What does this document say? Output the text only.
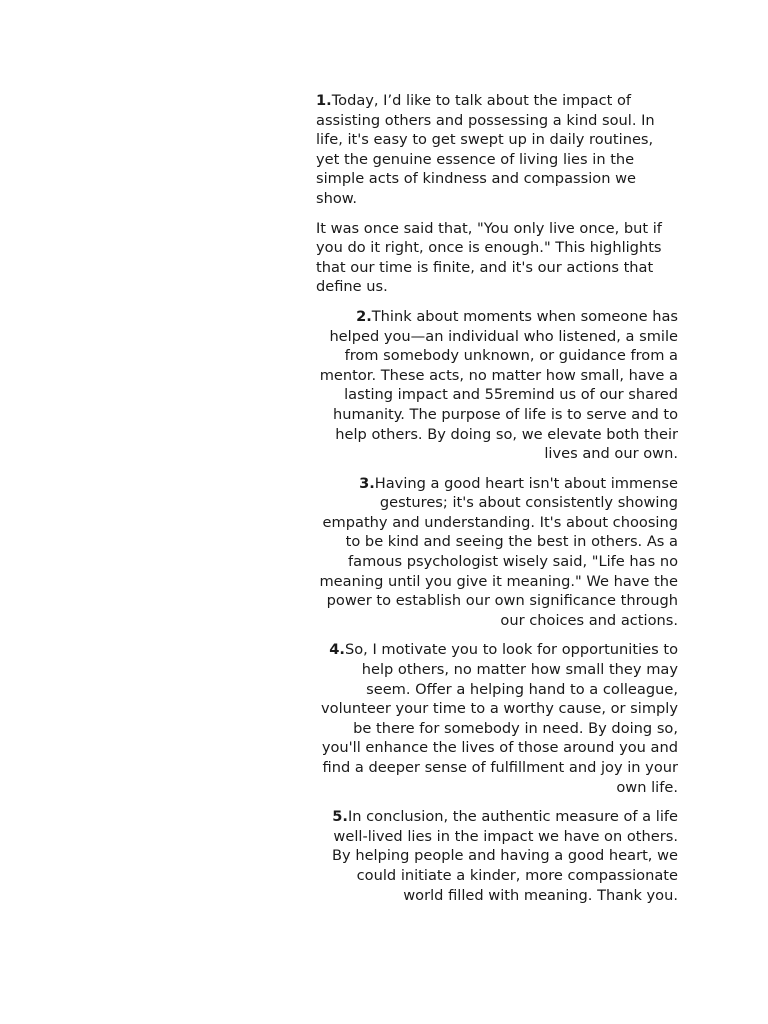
1.Today, I’d like to talk about the impact of assisting others and possessing a kind soul. In life, it's easy to get swept up in daily routines, yet the genuine essence of living lies in the simple acts of kindness and compassion we show.

It was once said that, "You only live once, but if you do it right, once is enough." This highlights that our time is finite, and it's our actions that define us.

2.Think about moments when someone has helped you—an individual who listened, a smile from somebody unknown, or guidance from a mentor. These acts, no matter how small, have a lasting impact and 55remind us of our shared humanity. The purpose of life is to serve and to help others. By doing so, we elevate both their lives and our own.

3.Having a good heart isn't about immense gestures; it's about consistently showing empathy and understanding. It's about choosing to be kind and seeing the best in others. As a famous psychologist wisely said, "Life has no meaning until you give it meaning." We have the power to establish our own significance through our choices and actions.

4.So, I motivate you to look for opportunities to help others, no matter how small they may seem. Offer a helping hand to a colleague, volunteer your time to a worthy cause, or simply be there for somebody in need. By doing so, you'll enhance the lives of those around you and find a deeper sense of fulfillment and joy in your own life.

5.In conclusion, the authentic measure of a life well-lived lies in the impact we have on others. By helping people and having a good heart, we could initiate a kinder, more compassionate world filled with meaning. Thank you.
